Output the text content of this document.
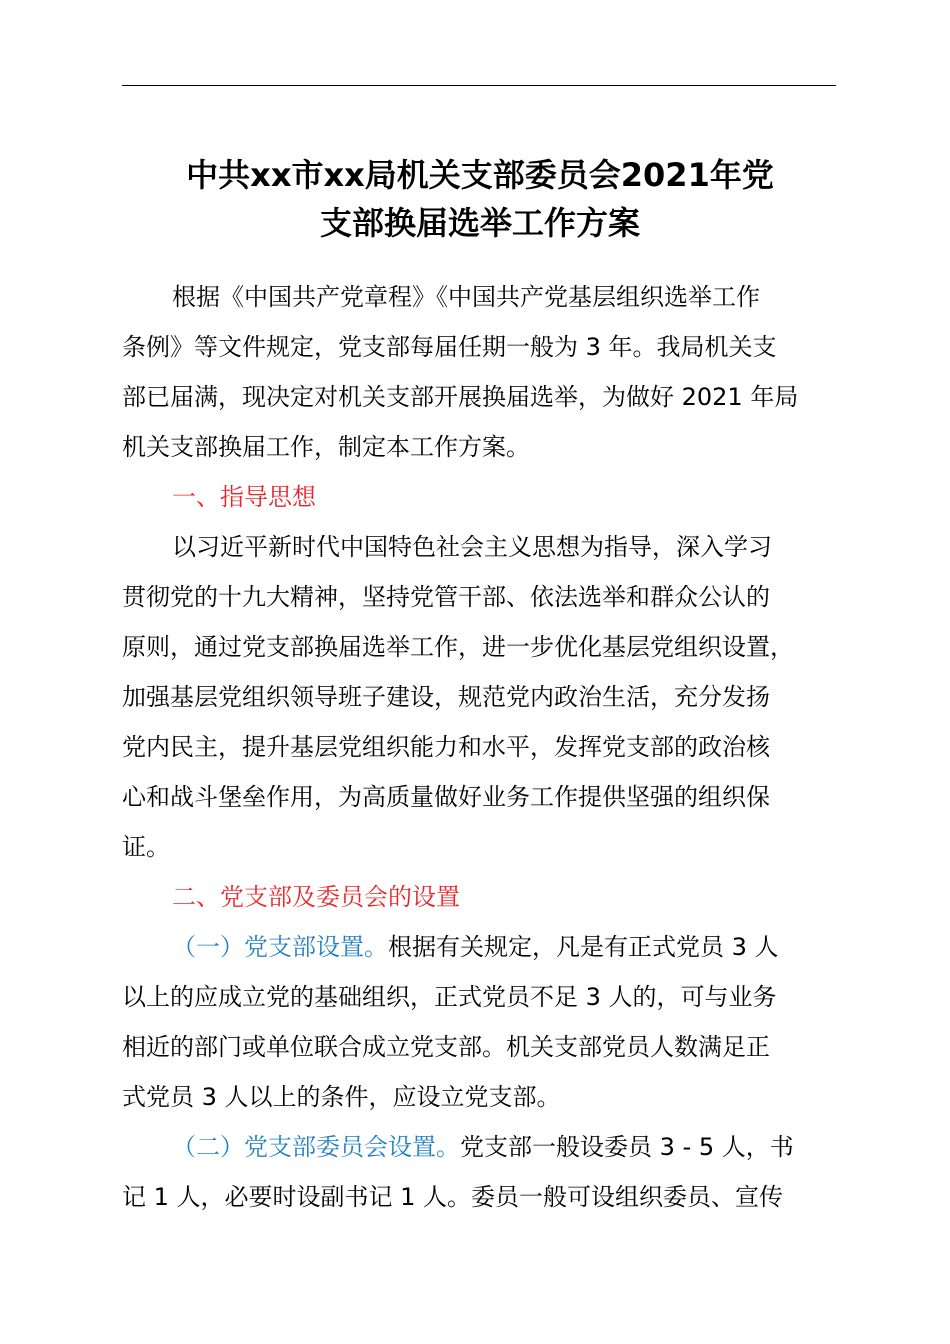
中共xx市xx局机关支部委员会2021年党
支部换届选举工作方案

根据《中国共产党章程》《中国共产党基层组织选举工作

条例》等文件规定，党支部每届任期一般为 3 年。我局机关支

部已届满，现决定对机关支部开展换届选举，为做好 2021 年局

机关支部换届工作，制定本工作方案。

一、指导思想

以习近平新时代中国特色社会主义思想为指导，深入学习

贯彻党的十九大精神，坚持党管干部、依法选举和群众公认的

原则，通过党支部换届选举工作，进一步优化基层党组织设置，

加强基层党组织领导班子建设，规范党内政治生活，充分发扬

党内民主，提升基层党组织能力和水平，发挥党支部的政治核

心和战斗堡垒作用，为高质量做好业务工作提供坚强的组织保

证。

二、党支部及委员会的设置

（一）党支部设置。根据有关规定，凡是有正式党员 3 人

以上的应成立党的基础组织，正式党员不足 3 人的，可与业务

相近的部门或单位联合成立党支部。机关支部党员人数满足正

式党员 3 人以上的条件，应设立党支部。

（二）党支部委员会设置。党支部一般设委员 3 - 5 人，书

记 1 人，必要时设副书记 1 人。委员一般可设组织委员、宣传
